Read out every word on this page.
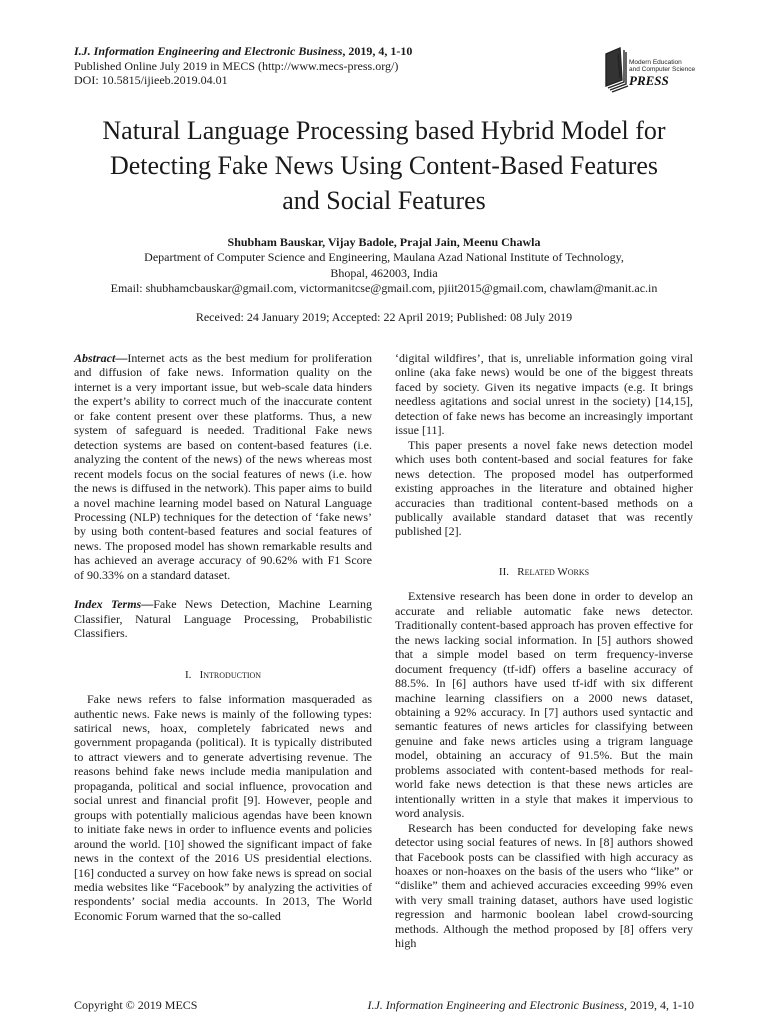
I.J. Information Engineering and Electronic Business, 2019, 4, 1-10
Published Online July 2019 in MECS (http://www.mecs-press.org/)
DOI: 10.5815/ijieeb.2019.04.01
Modern Education
and Computer Science
PRESS
Natural Language Processing based Hybrid Model for Detecting Fake News Using Content-Based Features and Social Features
Shubham Bauskar, Vijay Badole, Prajal Jain, Meenu Chawla
Department of Computer Science and Engineering, Maulana Azad National Institute of Technology,
Bhopal, 462003, India
Email: shubhamcbauskar@gmail.com, victormanitcse@gmail.com, pjiit2015@gmail.com, chawlam@manit.ac.in
Received: 24 January 2019; Accepted: 22 April 2019; Published: 08 July 2019

Abstract—Internet acts as the best medium for proliferation and diffusion of fake news. Information quality on the internet is a very important issue, but web-scale data hinders the expert’s ability to correct much of the inaccurate content or fake content present over these platforms. Thus, a new system of safeguard is needed. Traditional Fake news detection systems are based on content-based features (i.e. analyzing the content of the news) of the news whereas most recent models focus on the social features of news (i.e. how the news is diffused in the network). This paper aims to build a novel machine learning model based on Natural Language Processing (NLP) techniques for the detection of ‘fake news’ by using both content-based features and social features of news. The proposed model has shown remarkable results and has achieved an average accuracy of 90.62% with F1 Score of 90.33% on a standard dataset.

Index Terms—Fake News Detection, Machine Learning Classifier, Natural Language Processing, Probabilistic Classifiers.

I. Introduction

Fake news refers to false information masqueraded as authentic news. Fake news is mainly of the following types: satirical news, hoax, completely fabricated news and government propaganda (political). It is typically distributed to attract viewers and to generate advertising revenue. The reasons behind fake news include media manipulation and propaganda, political and social influence, provocation and social unrest and financial profit [9]. However, people and groups with potentially malicious agendas have been known to initiate fake news in order to influence events and policies around the world. [10] showed the significant impact of fake news in the context of the 2016 US presidential elections. [16] conducted a survey on how fake news is spread on social media websites like “Facebook” by analyzing the activities of respondents’ social media accounts. In 2013, The World Economic Forum warned that the so-called

‘digital wildfires’, that is, unreliable information going viral online (aka fake news) would be one of the biggest threats faced by society. Given its negative impacts (e.g. It brings needless agitations and social unrest in the society) [14,15], detection of fake news has become an increasingly important issue [11].

This paper presents a novel fake news detection model which uses both content-based and social features for fake news detection. The proposed model has outperformed existing approaches in the literature and obtained higher accuracies than traditional content-based methods on a publically available standard dataset that was recently published [2].

II. Related Works

Extensive research has been done in order to develop an accurate and reliable automatic fake news detector. Traditionally content-based approach has proven effective for the news lacking social information. In [5] authors showed that a simple model based on term frequency-inverse document frequency (tf-idf) offers a baseline accuracy of 88.5%. In [6] authors have used tf-idf with six different machine learning classifiers on a 2000 news dataset, obtaining a 92% accuracy. In [7] authors used syntactic and semantic features of news articles for classifying between genuine and fake news articles using a trigram language model, obtaining an accuracy of 91.5%. But the main problems associated with content-based methods for real-world fake news detection is that these news articles are intentionally written in a style that makes it impervious to word analysis.

Research has been conducted for developing fake news detector using social features of news. In [8] authors showed that Facebook posts can be classified with high accuracy as hoaxes or non-hoaxes on the basis of the users who “like” or “dislike” them and achieved accuracies exceeding 99% even with very small training dataset, authors have used logistic regression and harmonic boolean label crowd-sourcing methods. Although the method proposed by [8] offers very high

Copyright © 2019 MECS	I.J. Information Engineering and Electronic Business, 2019, 4, 1-10
